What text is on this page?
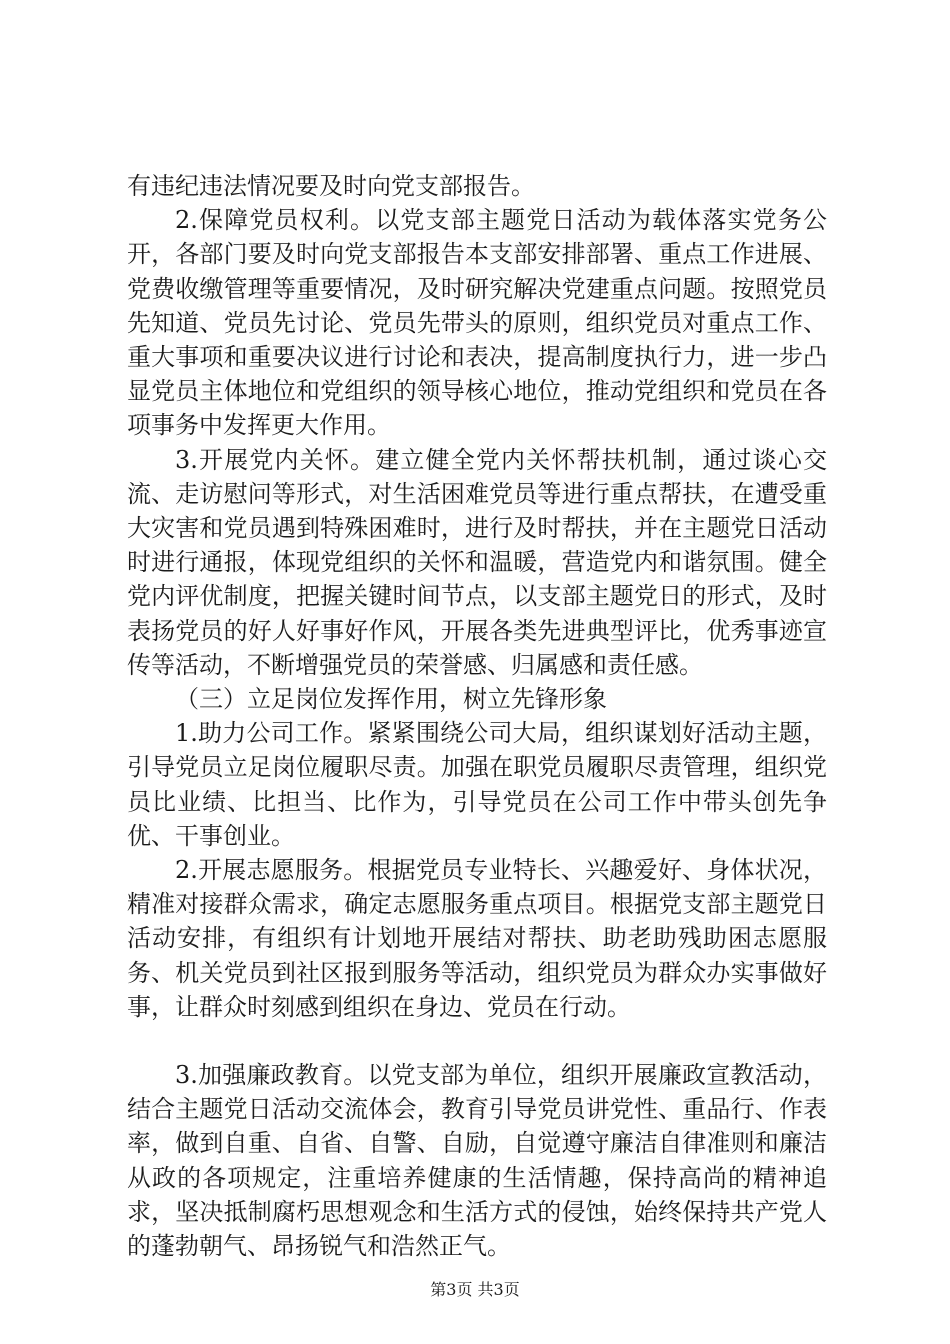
有违纪违法情况要及时向党支部报告。

2.保障党员权利。以党支部主题党日活动为载体落实党务公开，各部门要及时向党支部报告本支部安排部署、重点工作进展、党费收缴管理等重要情况，及时研究解决党建重点问题。按照党员先知道、党员先讨论、党员先带头的原则，组织党员对重点工作、重大事项和重要决议进行讨论和表决，提高制度执行力，进一步凸显党员主体地位和党组织的领导核心地位，推动党组织和党员在各项事务中发挥更大作用。

3.开展党内关怀。建立健全党内关怀帮扶机制，通过谈心交流、走访慰问等形式，对生活困难党员等进行重点帮扶，在遭受重大灾害和党员遇到特殊困难时，进行及时帮扶，并在主题党日活动时进行通报，体现党组织的关怀和温暖，营造党内和谐氛围。健全党内评优制度，把握关键时间节点，以支部主题党日的形式，及时表扬党员的好人好事好作风，开展各类先进典型评比，优秀事迹宣传等活动，不断增强党员的荣誉感、归属感和责任感。

（三）立足岗位发挥作用，树立先锋形象

1.助力公司工作。紧紧围绕公司大局，组织谋划好活动主题，引导党员立足岗位履职尽责。加强在职党员履职尽责管理，组织党员比业绩、比担当、比作为，引导党员在公司工作中带头创先争优、干事创业。

2.开展志愿服务。根据党员专业特长、兴趣爱好、身体状况，精准对接群众需求，确定志愿服务重点项目。根据党支部主题党日活动安排，有组织有计划地开展结对帮扶、助老助残助困志愿服务、机关党员到社区报到服务等活动，组织党员为群众办实事做好事，让群众时刻感到组织在身边、党员在行动。

3.加强廉政教育。以党支部为单位，组织开展廉政宣教活动，结合主题党日活动交流体会，教育引导党员讲党性、重品行、作表率，做到自重、自省、自警、自励，自觉遵守廉洁自律准则和廉洁从政的各项规定，注重培养健康的生活情趣，保持高尚的精神追求，坚决抵制腐朽思想观念和生活方式的侵蚀，始终保持共产党人的蓬勃朝气、昂扬锐气和浩然正气。

第3页 共3页
